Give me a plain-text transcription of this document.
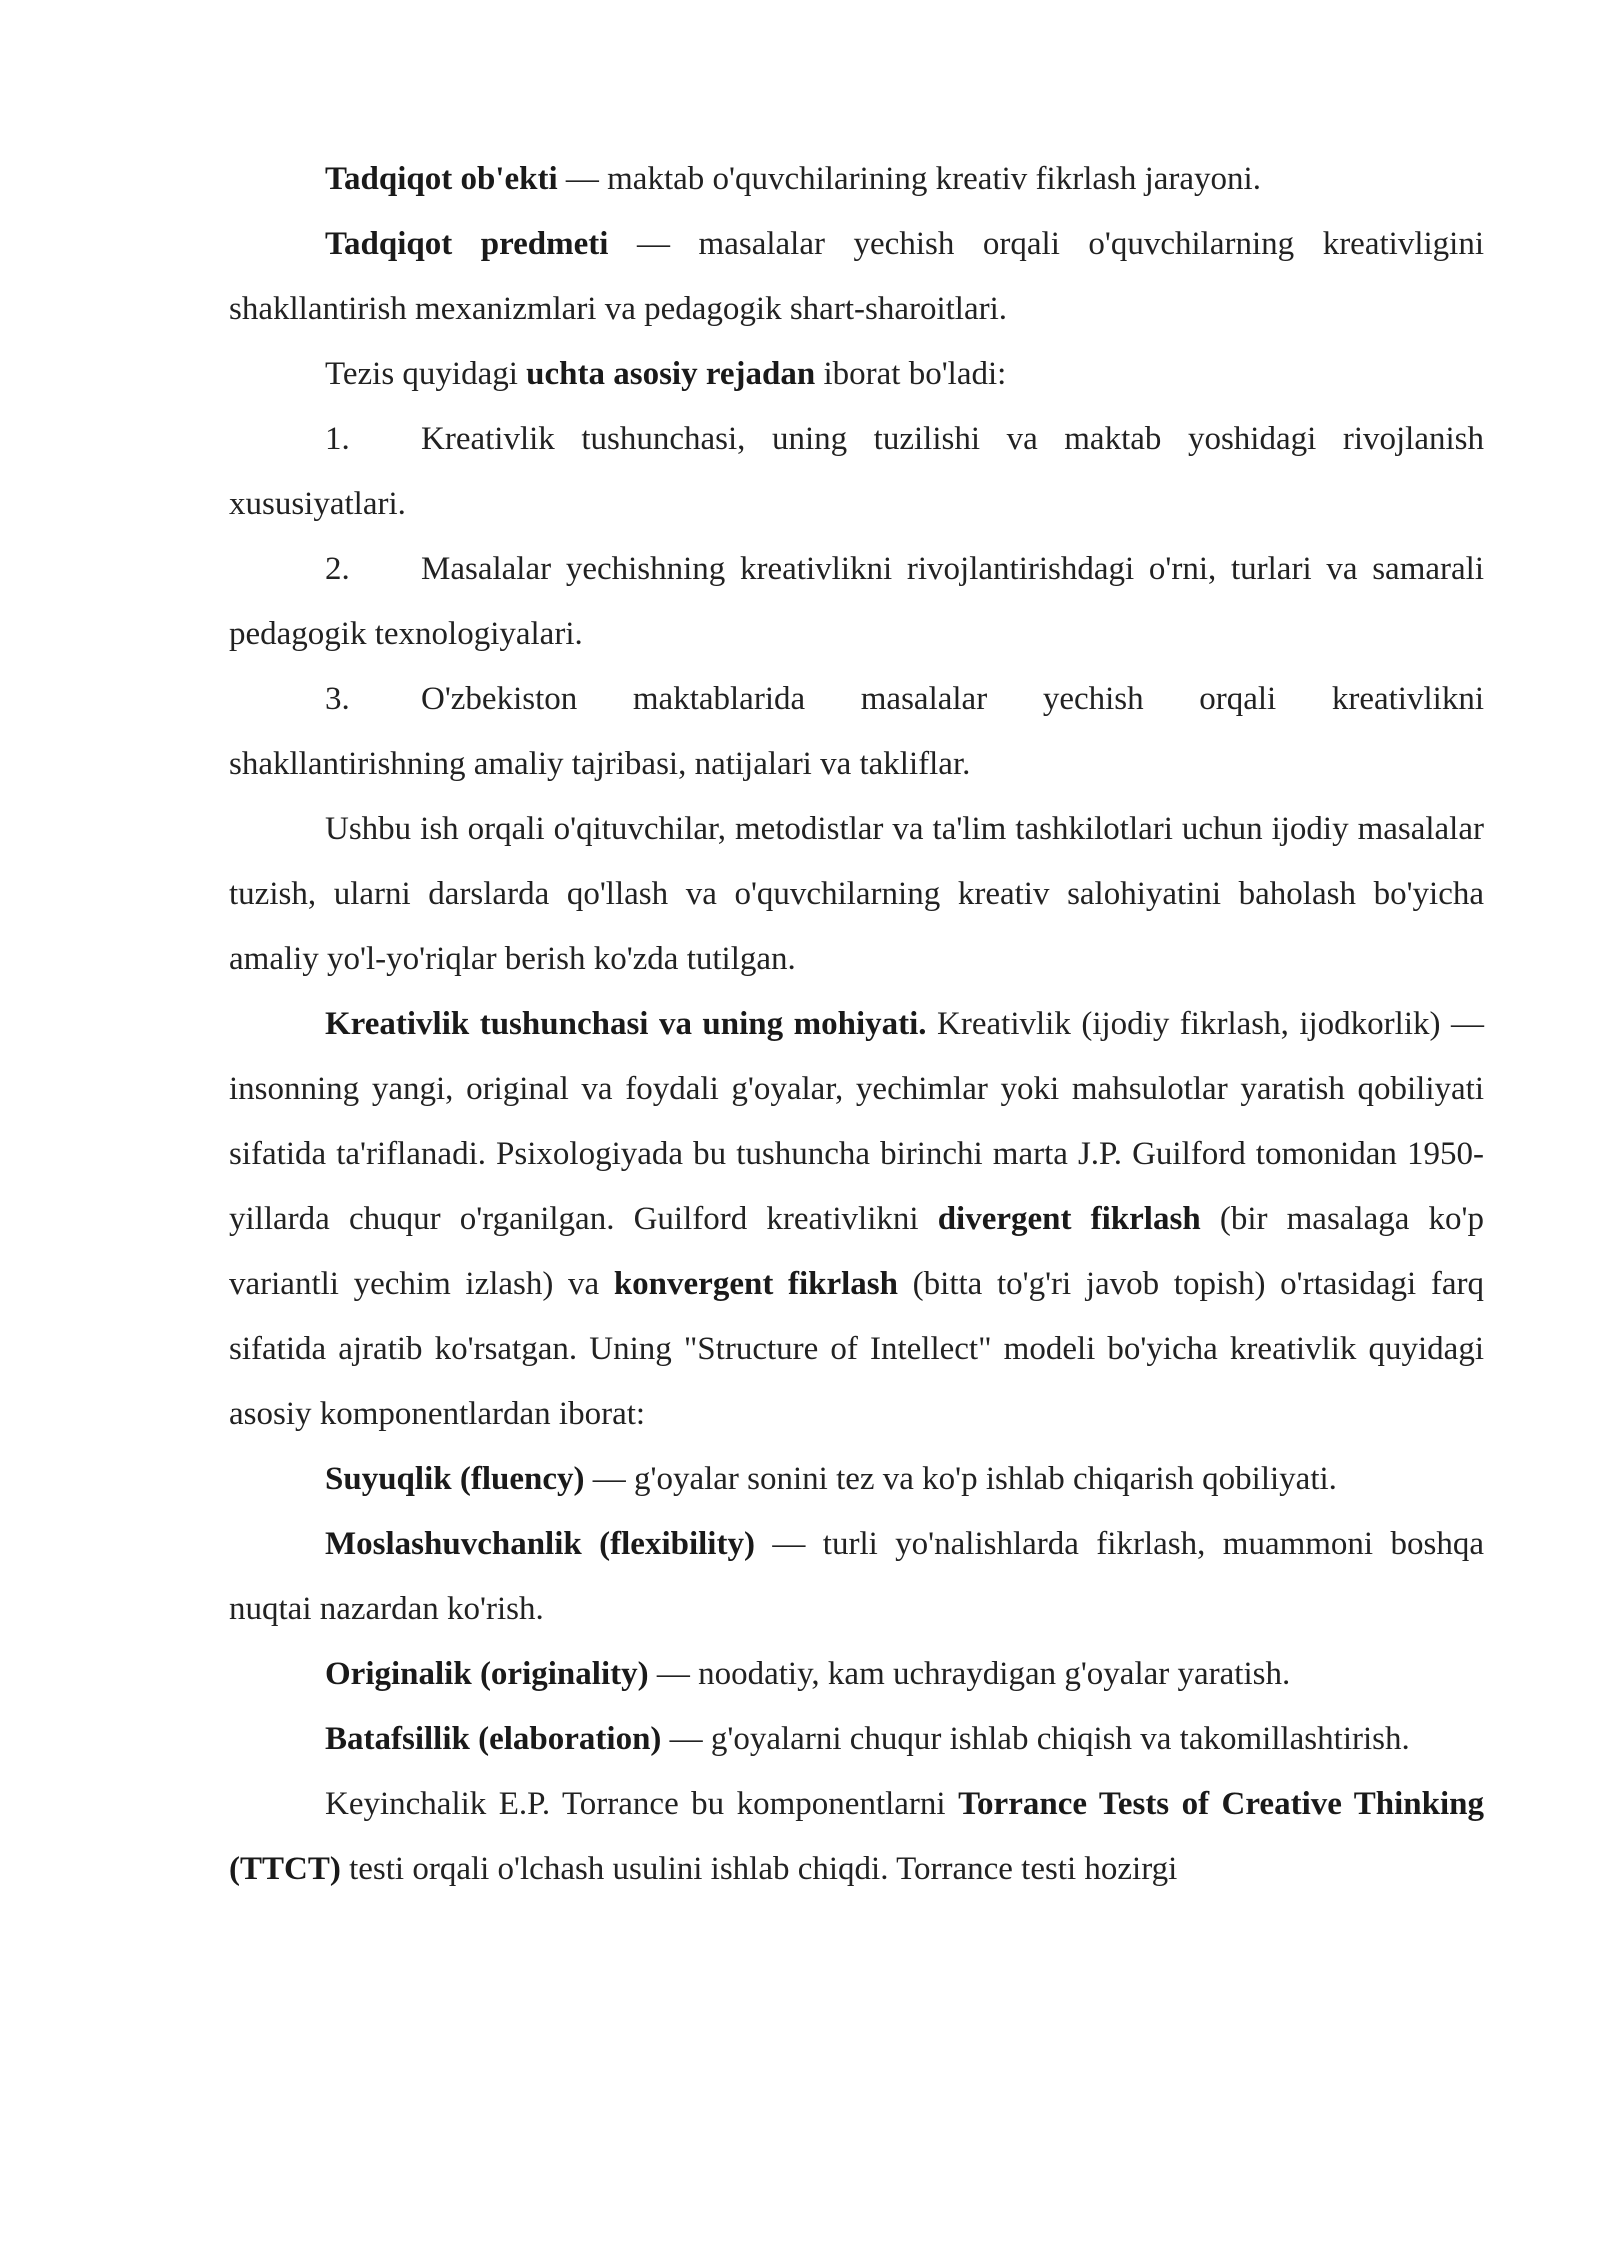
Tadqiqot ob'ekti — maktab o'quvchilarining kreativ fikrlash jarayoni.

Tadqiqot predmeti — masalalar yechish orqali o'quvchilarning kreativligini shakllantirish mexanizmlari va pedagogik shart-sharoitlari.

Tezis quyidagi uchta asosiy rejadan iborat bo'ladi:

1. Kreativlik tushunchasi, uning tuzilishi va maktab yoshidagi rivojlanish xususiyatlari.

2. Masalalar yechishning kreativlikni rivojlantirishdagi o'rni, turlari va samarali pedagogik texnologiyalari.

3. O'zbekiston maktablarida masalalar yechish orqali kreativlikni shakllantirishning amaliy tajribasi, natijalari va takliflar.

Ushbu ish orqali o'qituvchilar, metodistlar va ta'lim tashkilotlari uchun ijodiy masalalar tuzish, ularni darslarda qo'llash va o'quvchilarning kreativ salohiyatini baholash bo'yicha amaliy yo'l-yo'riqlar berish ko'zda tutilgan.

Kreativlik tushunchasi va uning mohiyati. Kreativlik (ijodiy fikrlash, ijodkorlik) — insonning yangi, original va foydali g'oyalar, yechimlar yoki mahsulotlar yaratish qobiliyati sifatida ta'riflanadi. Psixologiyada bu tushuncha birinchi marta J.P. Guilford tomonidan 1950-yillarda chuqur o'rganilgan. Guilford kreativlikni divergent fikrlash (bir masalaga ko'p variantli yechim izlash) va konvergent fikrlash (bitta to'g'ri javob topish) o'rtasidagi farq sifatida ajratib ko'rsatgan. Uning "Structure of Intellect" modeli bo'yicha kreativlik quyidagi asosiy komponentlardan iborat:

Suyuqlik (fluency) — g'oyalar sonini tez va ko'p ishlab chiqarish qobiliyati.

Moslashuvchanlik (flexibility) — turli yo'nalishlarda fikrlash, muammoni boshqa nuqtai nazardan ko'rish.

Originalik (originality) — noodatiy, kam uchraydigan g'oyalar yaratish.

Batafsillik (elaboration) — g'oyalarni chuqur ishlab chiqish va takomillashtirish.

Keyinchalik E.P. Torrance bu komponentlarni Torrance Tests of Creative Thinking (TTCT) testi orqali o'lchash usulini ishlab chiqdi. Torrance testi hozirgi
